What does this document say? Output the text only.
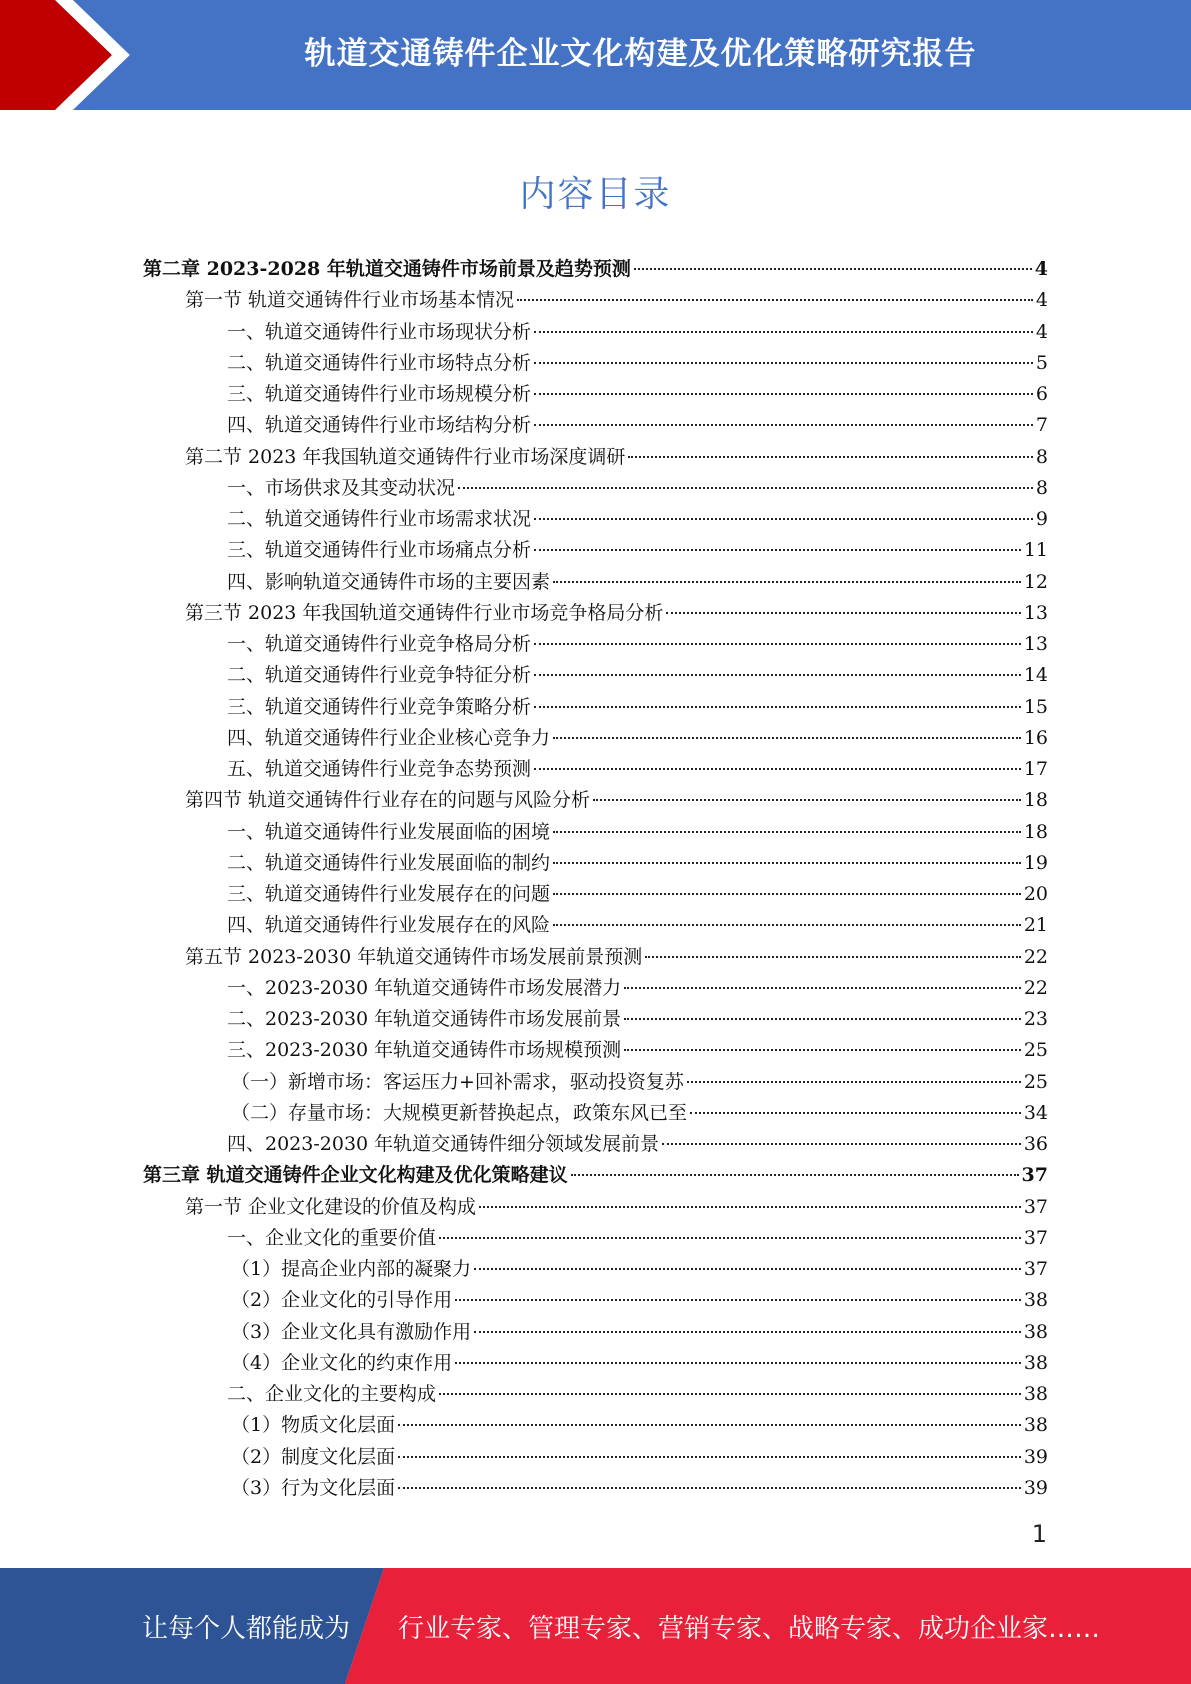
轨道交通铸件企业文化构建及优化策略研究报告
内容目录
第二章 2023-2028 年轨道交通铸件市场前景及趋势预测	4
第一节 轨道交通铸件行业市场基本情况	4
一、轨道交通铸件行业市场现状分析	4
二、轨道交通铸件行业市场特点分析	5
三、轨道交通铸件行业市场规模分析	6
四、轨道交通铸件行业市场结构分析	7
第二节 2023 年我国轨道交通铸件行业市场深度调研	8
一、市场供求及其变动状况	8
二、轨道交通铸件行业市场需求状况	9
三、轨道交通铸件行业市场痛点分析	11
四、影响轨道交通铸件市场的主要因素	12
第三节 2023 年我国轨道交通铸件行业市场竞争格局分析	13
一、轨道交通铸件行业竞争格局分析	13
二、轨道交通铸件行业竞争特征分析	14
三、轨道交通铸件行业竞争策略分析	15
四、轨道交通铸件行业企业核心竞争力	16
五、轨道交通铸件行业竞争态势预测	17
第四节 轨道交通铸件行业存在的问题与风险分析	18
一、轨道交通铸件行业发展面临的困境	18
二、轨道交通铸件行业发展面临的制约	19
三、轨道交通铸件行业发展存在的问题	20
四、轨道交通铸件行业发展存在的风险	21
第五节 2023-2030 年轨道交通铸件市场发展前景预测	22
一、2023-2030 年轨道交通铸件市场发展潜力	22
二、2023-2030 年轨道交通铸件市场发展前景	23
三、2023-2030 年轨道交通铸件市场规模预测	25
（一）新增市场：客运压力+回补需求，驱动投资复苏	25
（二）存量市场：大规模更新替换起点，政策东风已至	34
四、2023-2030 年轨道交通铸件细分领域发展前景	36
第三章 轨道交通铸件企业文化构建及优化策略建议	37
第一节 企业文化建设的价值及构成	37
一、企业文化的重要价值	37
（1）提高企业内部的凝聚力	37
（2）企业文化的引导作用	38
（3）企业文化具有激励作用	38
（4）企业文化的约束作用	38
二、企业文化的主要构成	38
（1）物质文化层面	38
（2）制度文化层面	39
（3）行为文化层面	39
1
让每个人都能成为 行业专家、管理专家、营销专家、战略专家、成功企业家……
